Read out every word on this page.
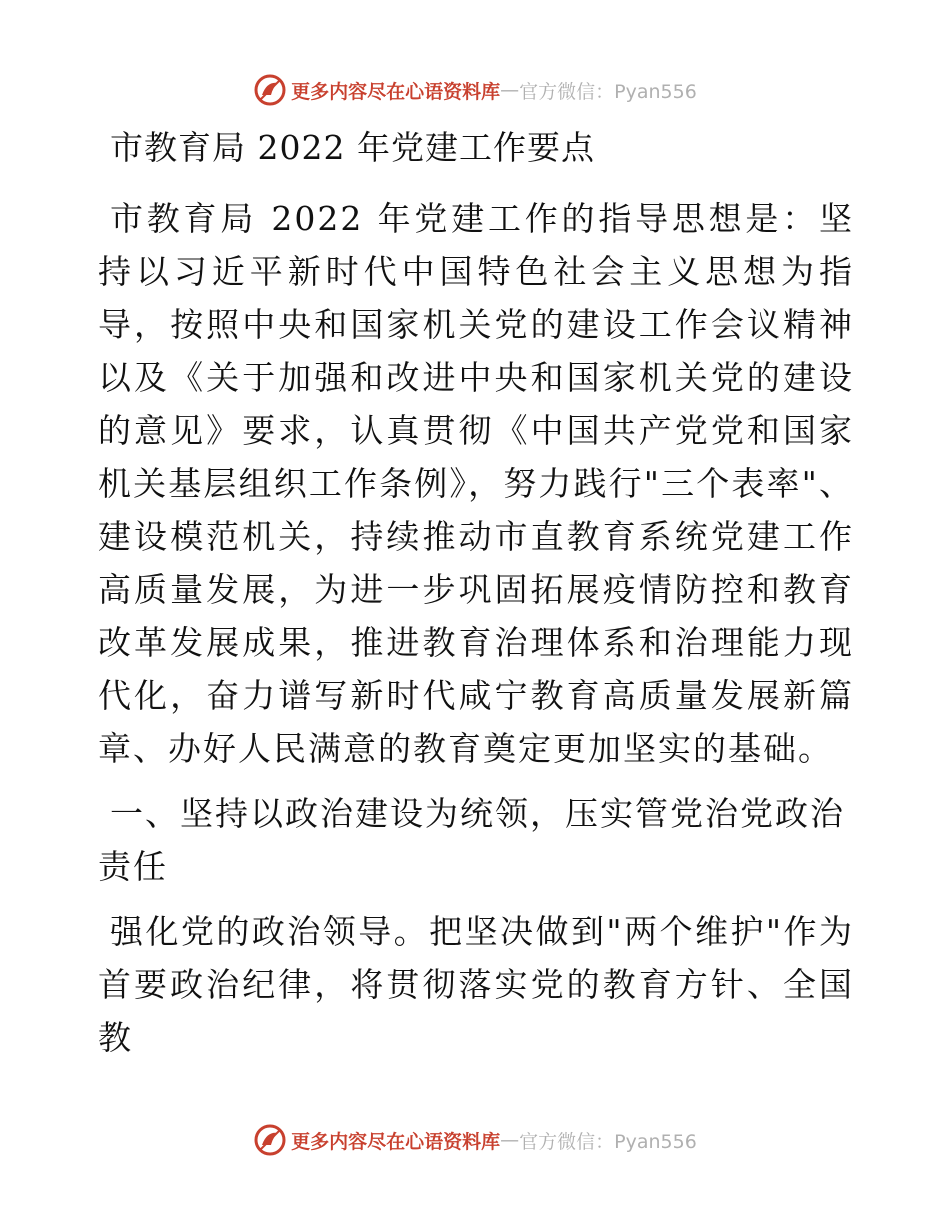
更多内容尽在心语资料库 — 官方微信：Pyan556
市教育局 2022 年党建工作要点

市教育局 2022 年党建工作的指导思想是：坚持以习近平新时代中国特色社会主义思想为指导，按照中央和国家机关党的建设工作会议精神以及《关于加强和改进中央和国家机关党的建设的意见》要求，认真贯彻《中国共产党党和国家机关基层组织工作条例》，努力践行"三个表率"、建设模范机关，持续推动市直教育系统党建工作高质量发展，为进一步巩固拓展疫情防控和教育改革发展成果，推进教育治理体系和治理能力现代化，奋力谱写新时代咸宁教育高质量发展新篇章、办好人民满意的教育奠定更加坚实的基础。

一、坚持以政治建设为统领，压实管党治党政治责任

强化党的政治领导。把坚决做到"两个维护"作为首要政治纪律，将贯彻落实党的教育方针、全国教

更多内容尽在心语资料库 — 官方微信：Pyan556
